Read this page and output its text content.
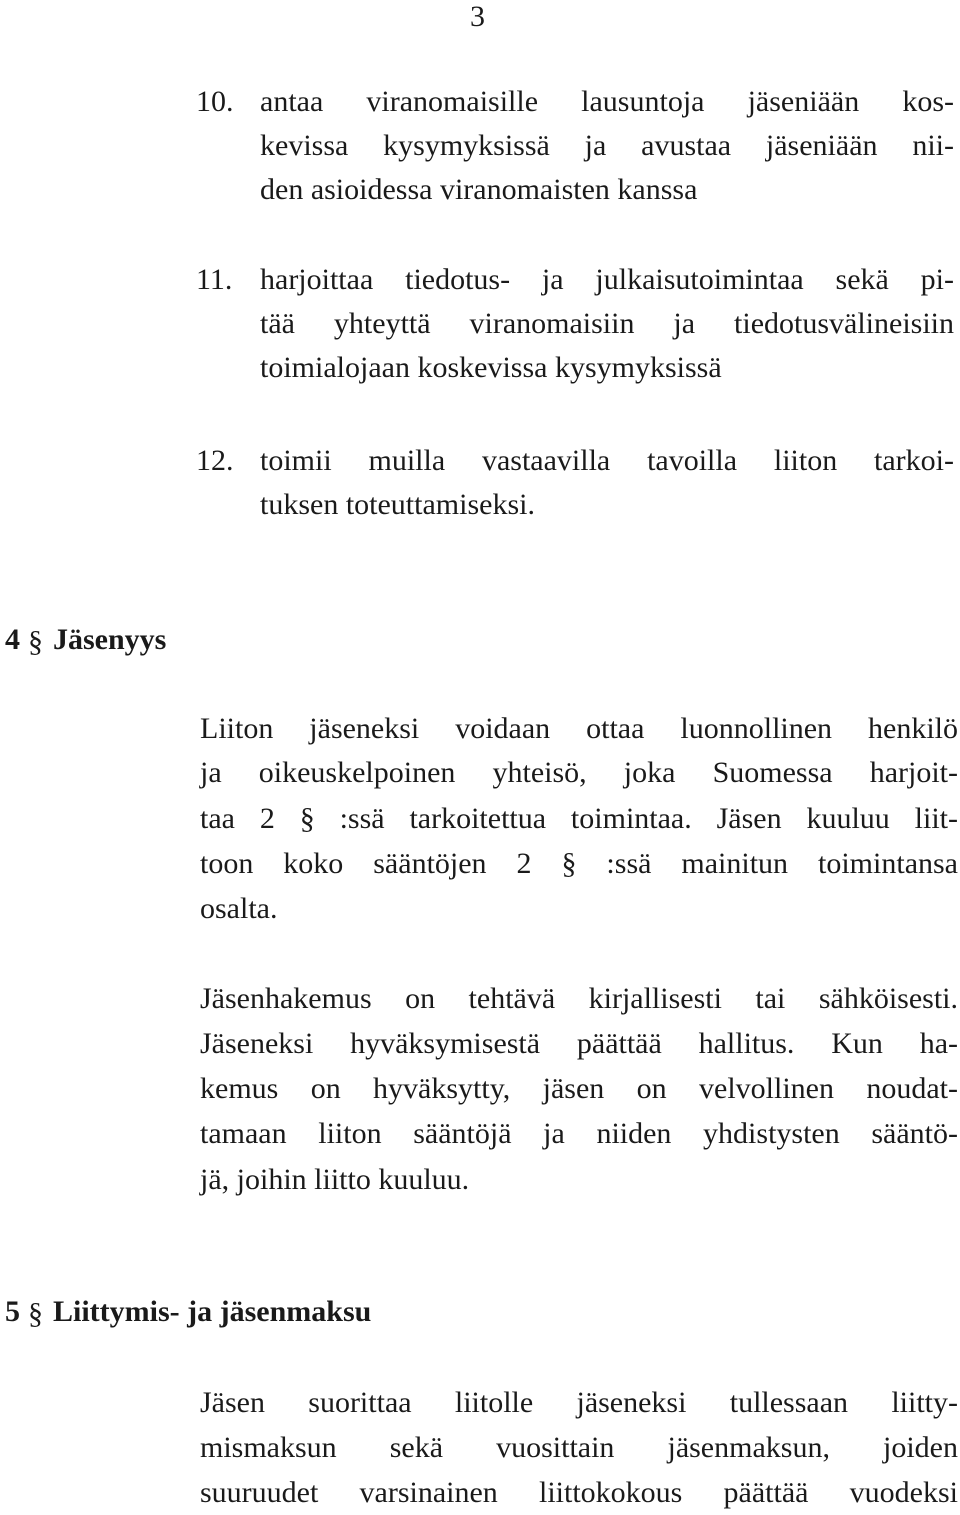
3
10. antaa viranomaisille lausuntoja jäseniään kos-
kevissa kysymyksissä ja avustaa jäseniään nii-
den asioidessa viranomaisten kanssa
11. harjoittaa tiedotus- ja julkaisutoimintaa sekä pi-
tää yhteyttä viranomaisiin ja tiedotusvälineisiin
toimialojaan koskevissa kysymyksissä
12. toimii muilla vastaavilla tavoilla liiton tarkoi-
tuksen toteuttamiseksi.
4 § Jäsenyys
Liiton jäseneksi voidaan ottaa luonnollinen henkilö
ja oikeuskelpoinen yhteisö, joka Suomessa harjoit-
taa 2 § :ssä tarkoitettua toimintaa. Jäsen kuuluu liit-
toon koko sääntöjen 2 § :ssä mainitun toimintansa
osalta.
Jäsenhakemus on tehtävä kirjallisesti tai sähköisesti.
Jäseneksi hyväksymisestä päättää hallitus. Kun ha-
kemus on hyväksytty, jäsen on velvollinen noudat-
tamaan liiton sääntöjä ja niiden yhdistysten sääntö-
jä, joihin liitto kuuluu.
5 § Liittymis- ja jäsenmaksu
Jäsen suorittaa liitolle jäseneksi tullessaan liitty-
mismaksun sekä vuosittain jäsenmaksun, joiden
suuruudet varsinainen liittokokous päättää vuodeksi
